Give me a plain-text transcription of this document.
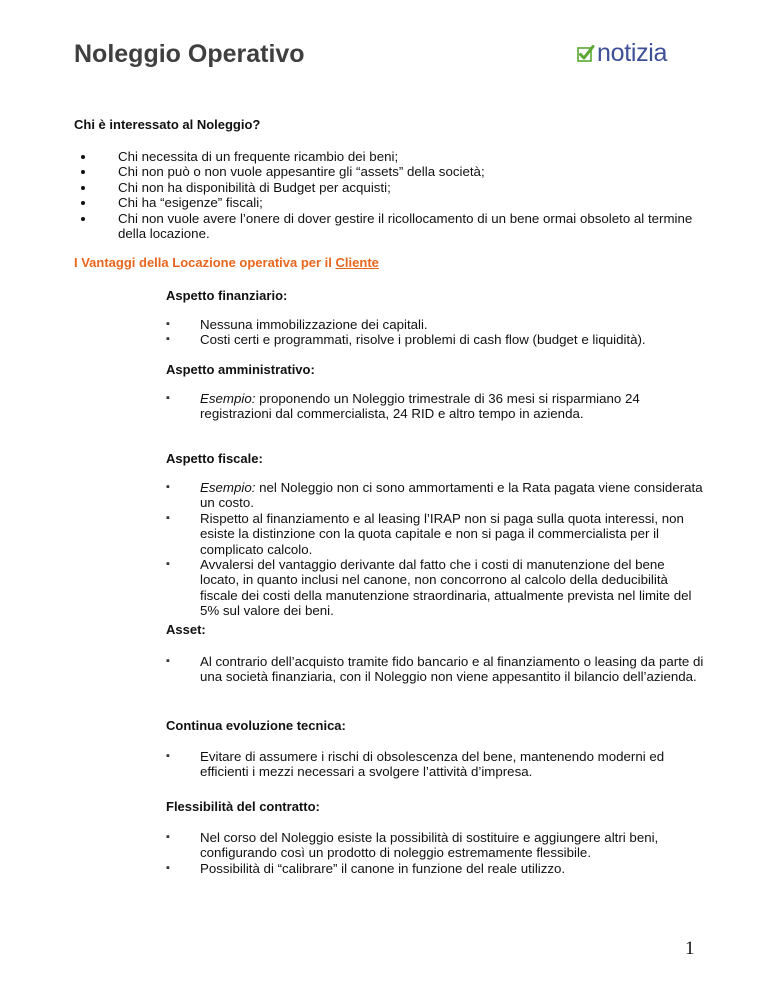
Noleggio Operativo	notizia
Chi è interessato al Noleggio?
Chi necessita di un frequente ricambio dei beni;
Chi non può o non vuole appesantire gli “assets” della società;
Chi non ha disponibilità di Budget per acquisti;
Chi ha “esigenze” fiscali;
Chi non vuole avere l’onere di dover gestire il ricollocamento di un bene ormai obsoleto al termine della locazione.
I Vantaggi della Locazione operativa per il Cliente
Aspetto finanziario:
▪ Nessuna immobilizzazione dei capitali.
▪ Costi certi e programmati, risolve i problemi di cash flow (budget e liquidità).
Aspetto amministrativo:
▪ Esempio: proponendo un Noleggio trimestrale di 36 mesi si risparmiano 24 registrazioni dal commercialista, 24 RID e altro tempo in azienda.
Aspetto fiscale:
▪ Esempio: nel Noleggio non ci sono ammortamenti e la Rata pagata viene considerata un costo.
▪ Rispetto al finanziamento e al leasing l’IRAP non si paga sulla quota interessi, non esiste la distinzione con la quota capitale e non si paga il commercialista per il complicato calcolo.
▪ Avvalersi del vantaggio derivante dal fatto che i costi di manutenzione del bene locato, in quanto inclusi nel canone, non concorrono al calcolo della deducibilità fiscale dei costi della manutenzione straordinaria, attualmente prevista nel limite del 5% sul valore dei beni.
Asset:
▪ Al contrario dell’acquisto tramite fido bancario e al finanziamento o leasing da parte di una società finanziaria, con il Noleggio non viene appesantito il bilancio dell’azienda.
Continua evoluzione tecnica:
▪ Evitare di assumere i rischi di obsolescenza del bene, mantenendo moderni ed efficienti i mezzi necessari a svolgere l’attività d’impresa.
Flessibilità del contratto:
▪ Nel corso del Noleggio esiste la possibilità di sostituire e aggiungere altri beni, configurando così un prodotto di noleggio estremamente flessibile.
▪ Possibilità di “calibrare” il canone in funzione del reale utilizzo.
1
